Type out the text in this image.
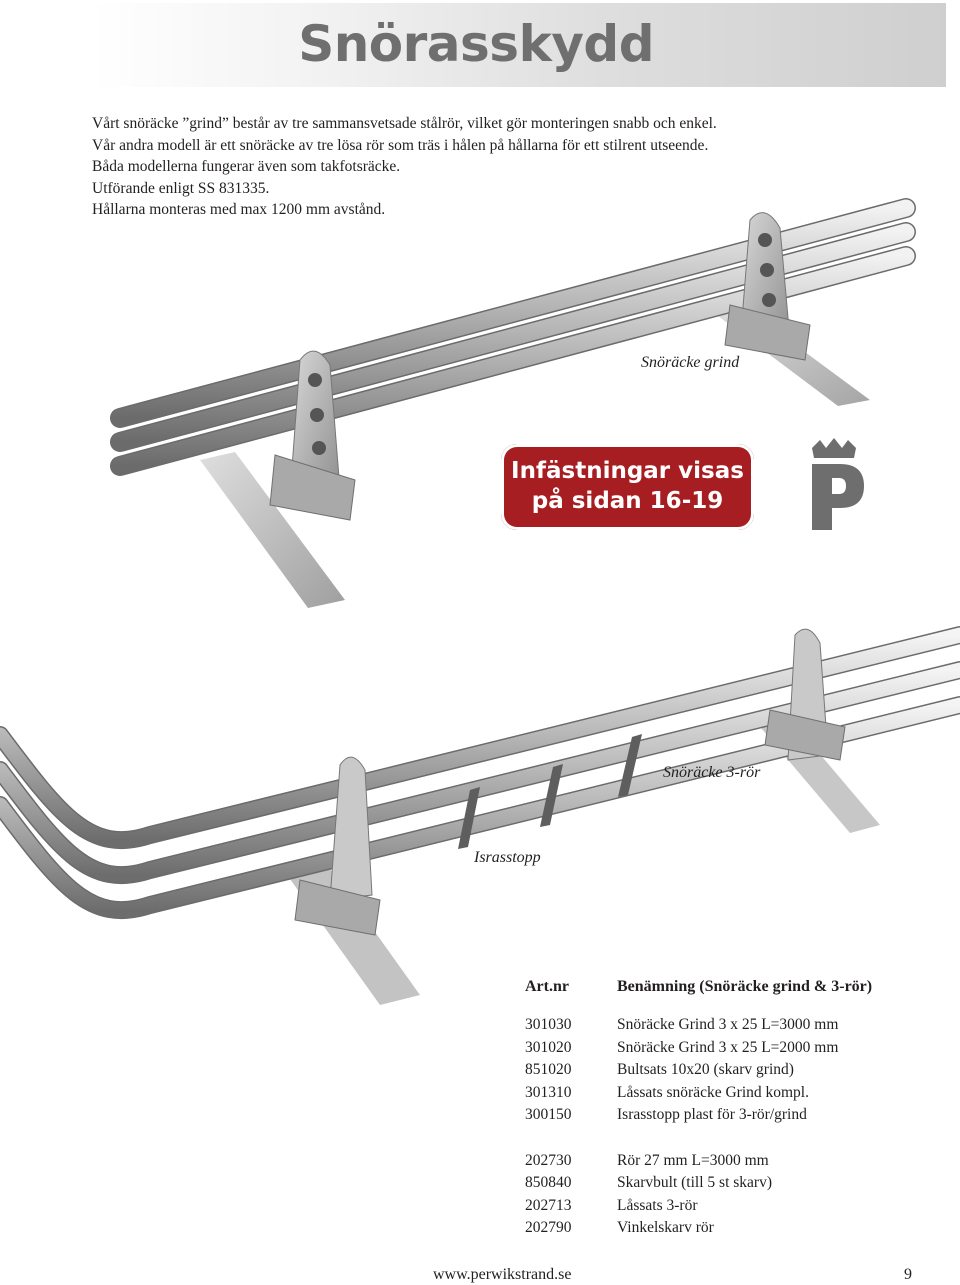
Snörasskydd
Vårt snöräcke ”grind” består av tre sammansvetsade stålrör, vilket gör monteringen snabb och enkel.
Vår andra modell är ett snöräcke av tre lösa rör som träs i hålen på hållarna för ett stilrent utseende.
Båda modellerna fungerar även som takfotsräcke.
Utförande enligt SS 831335.
Hållarna monteras med max 1200 mm avstånd.
Snöräcke grind
Snöräcke 3-rör
Israsstopp
Infästningar visas
på sidan 16-19
Art.nr	Benämning (Snöräcke grind & 3-rör)
301030	Snöräcke Grind 3 x 25 L=3000 mm
301020	Snöräcke Grind 3 x 25 L=2000 mm
851020	Bultsats 10x20 (skarv grind)
301310	Låssats snöräcke Grind kompl.
300150	Israsstopp plast för 3-rör/grind
202730	Rör 27 mm L=3000 mm
850840	Skarvbult (till 5 st skarv)
202713	Låssats 3-rör
202790	Vinkelskarv rör
www.perwikstrand.se	9
